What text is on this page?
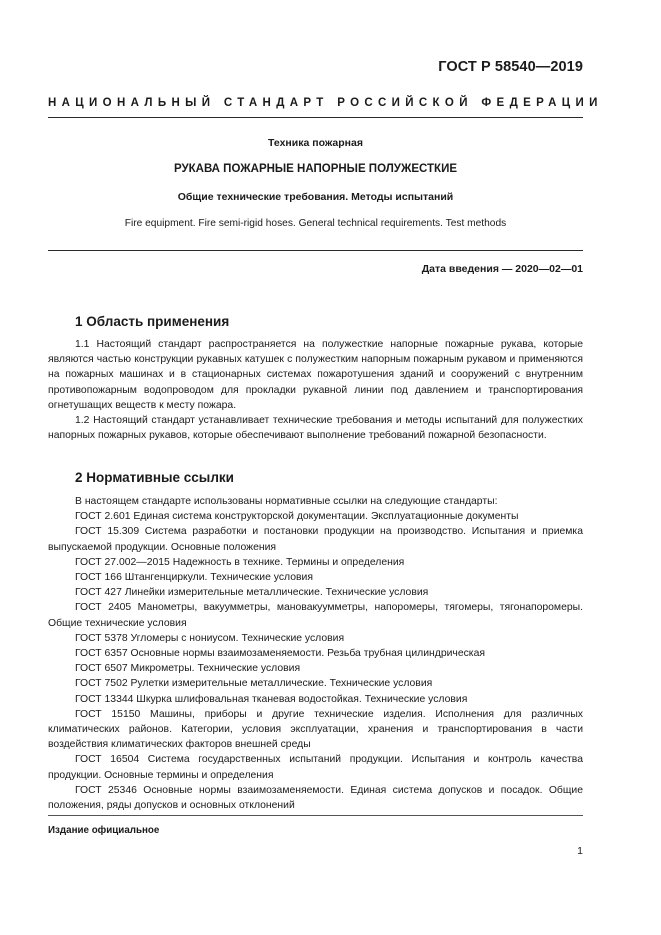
ГОСТ Р 58540—2019
НАЦИОНАЛЬНЫЙ СТАНДАРТ РОССИЙСКОЙ ФЕДЕРАЦИИ
Техника пожарная
РУКАВА ПОЖАРНЫЕ НАПОРНЫЕ ПОЛУЖЕСТКИЕ
Общие технические требования. Методы испытаний
Fire equipment. Fire semi-rigid hoses. General technical requirements. Test methods
Дата введения — 2020—02—01
1 Область применения

1.1 Настоящий стандарт распространяется на полужесткие напорные пожарные рукава, которые являются частью конструкции рукавных катушек с полужестким напорным пожарным рукавом и применяются на пожарных машинах и в стационарных системах пожаротушения зданий и сооружений с внутренним противопожарным водопроводом для прокладки рукавной линии под давлением и транспортирования огнетушащих веществ к месту пожара.

1.2 Настоящий стандарт устанавливает технические требования и методы испытаний для полужестких напорных пожарных рукавов, которые обеспечивают выполнение требований пожарной безопасности.

2 Нормативные ссылки

В настоящем стандарте использованы нормативные ссылки на следующие стандарты:

ГОСТ 2.601 Единая система конструкторской документации. Эксплуатационные документы

ГОСТ 15.309 Система разработки и постановки продукции на производство. Испытания и приемка выпускаемой продукции. Основные положения

ГОСТ 27.002—2015 Надежность в технике. Термины и определения

ГОСТ 166 Штангенциркули. Технические условия

ГОСТ 427 Линейки измерительные металлические. Технические условия

ГОСТ 2405 Манометры, вакуумметры, мановакуумметры, напоромеры, тягомеры, тягонапоромеры. Общие технические условия

ГОСТ 5378 Угломеры с нониусом. Технические условия

ГОСТ 6357 Основные нормы взаимозаменяемости. Резьба трубная цилиндрическая

ГОСТ 6507 Микрометры. Технические условия

ГОСТ 7502 Рулетки измерительные металлические. Технические условия

ГОСТ 13344 Шкурка шлифовальная тканевая водостойкая. Технические условия

ГОСТ 15150 Машины, приборы и другие технические изделия. Исполнения для различных климатических районов. Категории, условия эксплуатации, хранения и транспортирования в части воздействия климатических факторов внешней среды

ГОСТ 16504 Система государственных испытаний продукции. Испытания и контроль качества продукции. Основные термины и определения

ГОСТ 25346 Основные нормы взаимозаменяемости. Единая система допусков и посадок. Общие положения, ряды допусков и основных отклонений

Издание официальное
1
